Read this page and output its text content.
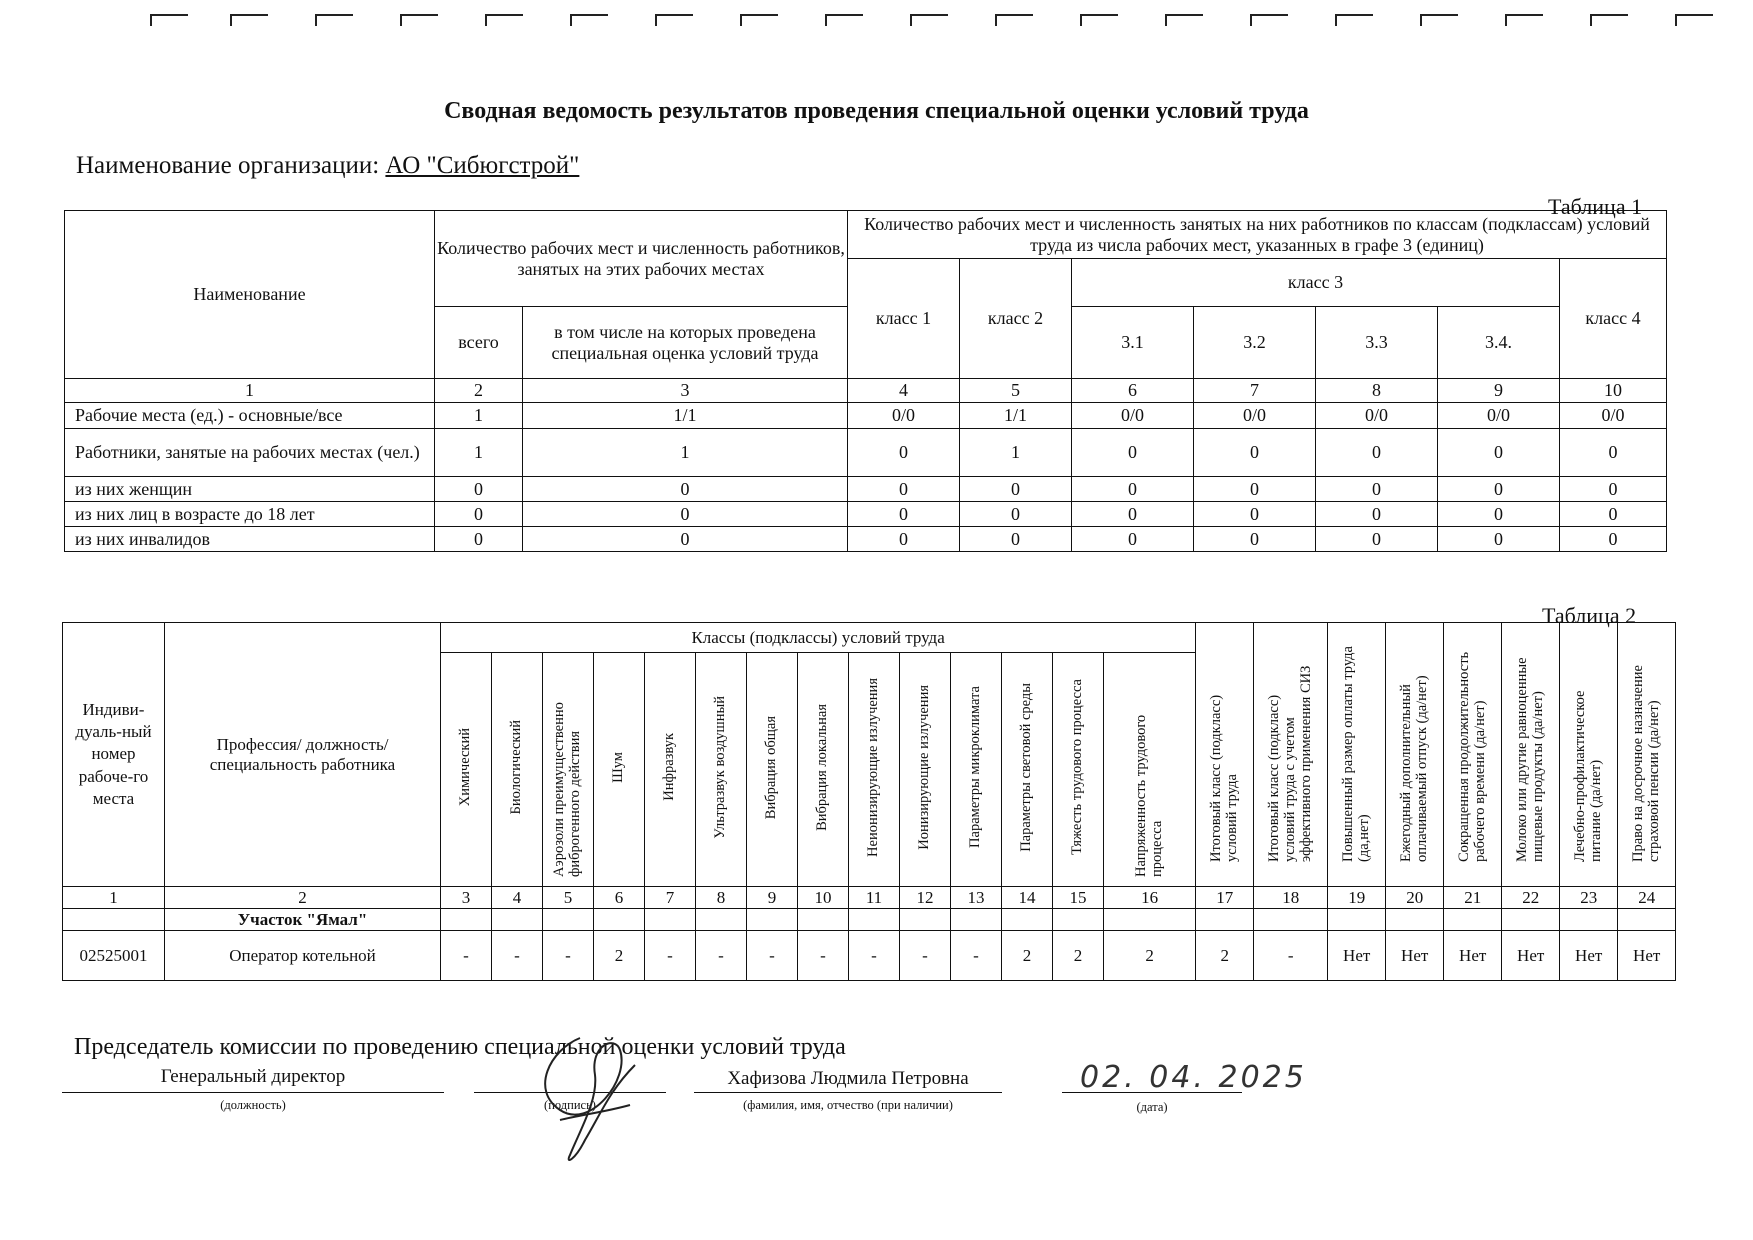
Сводная ведомость результатов проведения специальной оценки условий труда
Наименование организации: АО "Сибюгстрой"
Таблица 1
Наименование	Количество рабочих мест и численность работников, занятых на этих рабочих местах		Количество рабочих мест и численность занятых на них работников по классам (подклассам) условий труда из числа рабочих мест, указанных в графе 3 (единиц)						
			класс 1	класс 2	класс 3				класс 4
	всего	в том числе на которых проведена специальная оценка условий труда			3.1	3.2	3.3	3.4.	
1	2	3	4	5	6	7	8	9	10
Рабочие места (ед.) - основные/все	1	1/1	0/0	1/1	0/0	0/0	0/0	0/0	0/0
Работники, занятые на рабочих местах (чел.)	1	1	0	1	0	0	0	0	0
из них женщин	0	0	0	0	0	0	0	0	0
из них лиц в возрасте до 18 лет	0	0	0	0	0	0	0	0	0
из них инвалидов	0	0	0	0	0	0	0	0	0
Таблица 2
Индиви-дуаль-ный номер рабоче-го места	Профессия/ должность/ специальность работника	Классы (подклассы) условий труда														Итоговый класс (подкласс) условий труда	Итоговый класс (подкласс) условий труда с учетом эффективного применения СИЗ	Повышенный размер оплаты труда (да,нет)	Ежегодный дополнительный оплачиваемый отпуск (да/нет)	Сокращенная продолжительность рабочего времени (да/нет)	Молоко или другие равноценные пищевые продукты (да/нет)	Лечебно-профилактическое питание (да/нет)	Право на досрочное назначение страховой пенсии (да/нет)
		Химический	Биологический	Аэрозоли преимущественно фиброгенного действия	Шум	Инфразвук	Ультразвук воздушный	Вибрация общая	Вибрация локальная	Неионизирующие излучения	Ионизирующие излучения	Параметры микроклимата	Параметры световой среды	Тяжесть трудового процесса	Напряженность трудового процесса								
1	2	3	4	5	6	7	8	9	10	11	12	13	14	15	16	17	18	19	20	21	22	23	24
	Участок "Ямал"																						
02525001	Оператор котельной	-	-	-	2	-	-	-	-	-	-	-	2	2	2	2	-	Нет	Нет	Нет	Нет	Нет	Нет
Председатель комиссии по проведению специальной оценки условий труда
Генеральный директор
(должность)	(подпись)
Хафизова Людмила Петровна
(фамилия, имя, отчество (при наличии)
02. 04. 2025
(дата)
